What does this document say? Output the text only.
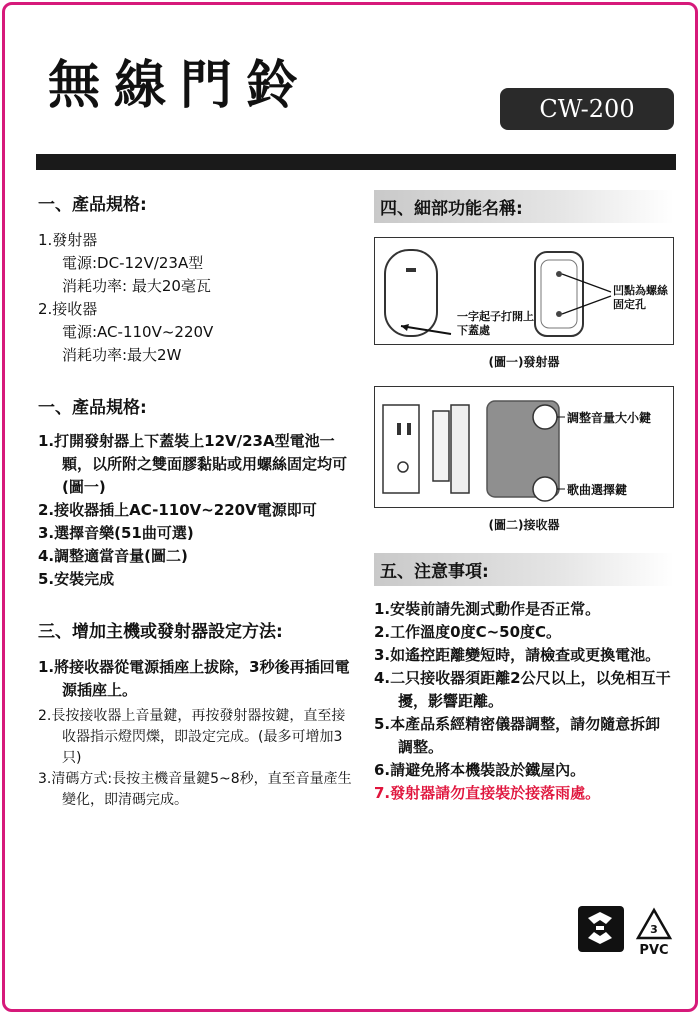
無線門鈴	CW-200
一、產品規格:
1.發射器
電源:DC-12V/23A型
消耗功率: 最大20毫瓦
2.接收器
電源:AC-110V~220V
消耗功率:最大2W
一、產品規格:
1.打開發射器上下蓋裝上12V/23A型電池一顆，以所附之雙面膠黏貼或用螺絲固定均可(圖一)
2.接收器插上AC-110V~220V電源即可
3.選擇音樂(51曲可選)
4.調整適當音量(圖二)
5.安裝完成
三、增加主機或發射器設定方法:
1.將接收器從電源插座上拔除，3秒後再插回電源插座上。
2.長按接收器上音量鍵，再按發射器按鍵，直至接收器指示燈閃爍，即設定完成。(最多可增加3只)
3.清碼方式:長按主機音量鍵5~8秒，直至音量產生變化，即清碼完成。
四、細部功能名稱:
一字起子打開上下蓋處
凹點為螺絲固定孔
(圖一)發射器
調整音量大小鍵
歌曲選擇鍵
(圖二)接收器
五、注意事項:
1.安裝前請先測式動作是否正常。
2.工作溫度0度C~50度C。
3.如遙控距離變短時，請檢查或更換電池。
4.二只接收器須距離2公尺以上，以免相互干擾，影響距離。
5.本產品系經精密儀器調整，請勿隨意拆卸調整。
6.請避免將本機裝設於鐵屋內。
7.發射器請勿直接裝於接落雨處。
3
PVC
